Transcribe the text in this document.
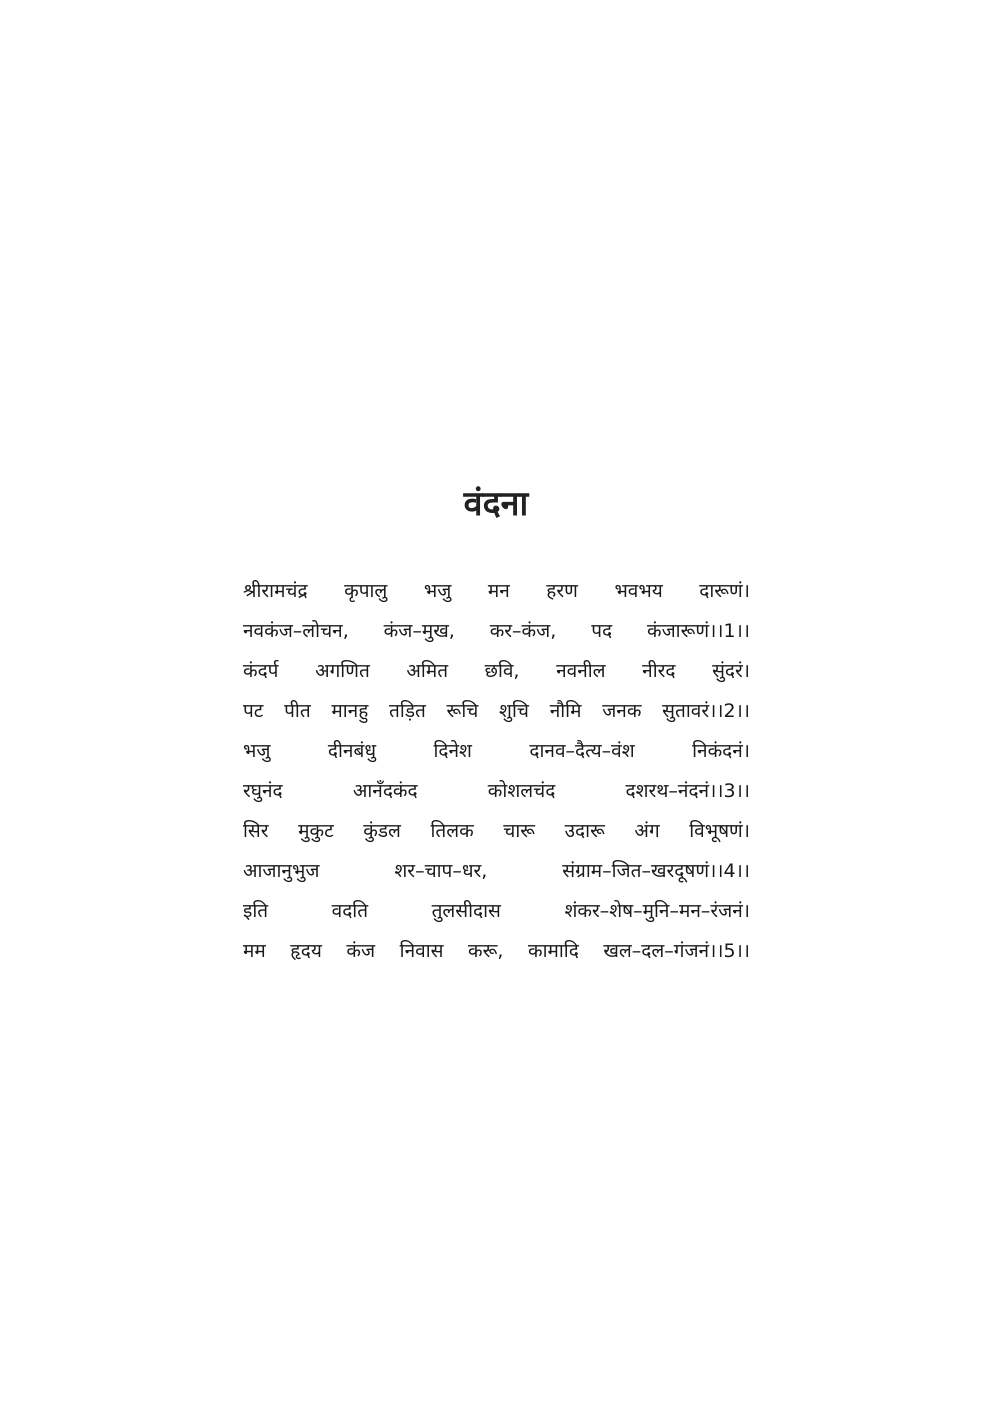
वंदना
श्रीरामचंद्र कृपालु भजु मन हरण भवभय दारूणं।
नवकंज–लोचन, कंज–मुख, कर–कंज, पद कंजारूणं।।1।।
कंदर्प अगणित अमित छवि, नवनील नीरद सुंदरं।
पट पीत मानहु तड़ित रूचि शुचि नौमि जनक सुतावरं।।2।।
भजु दीनबंधु दिनेश दानव–दैत्य–वंश निकंदनं।
रघुनंद आनँदकंद कोशलचंद दशरथ–नंदनं।।3।।
सिर मुकुट कुंडल तिलक चारू उदारू अंग विभूषणं।
आजानुभुज शर–चाप–धर, संग्राम–जित–खरदूषणं।।4।।
इति वदति तुलसीदास शंकर–शेष–मुनि–मन–रंजनं।
मम हृदय कंज निवास करू, कामादि खल–दल–गंजनं।।5।।
